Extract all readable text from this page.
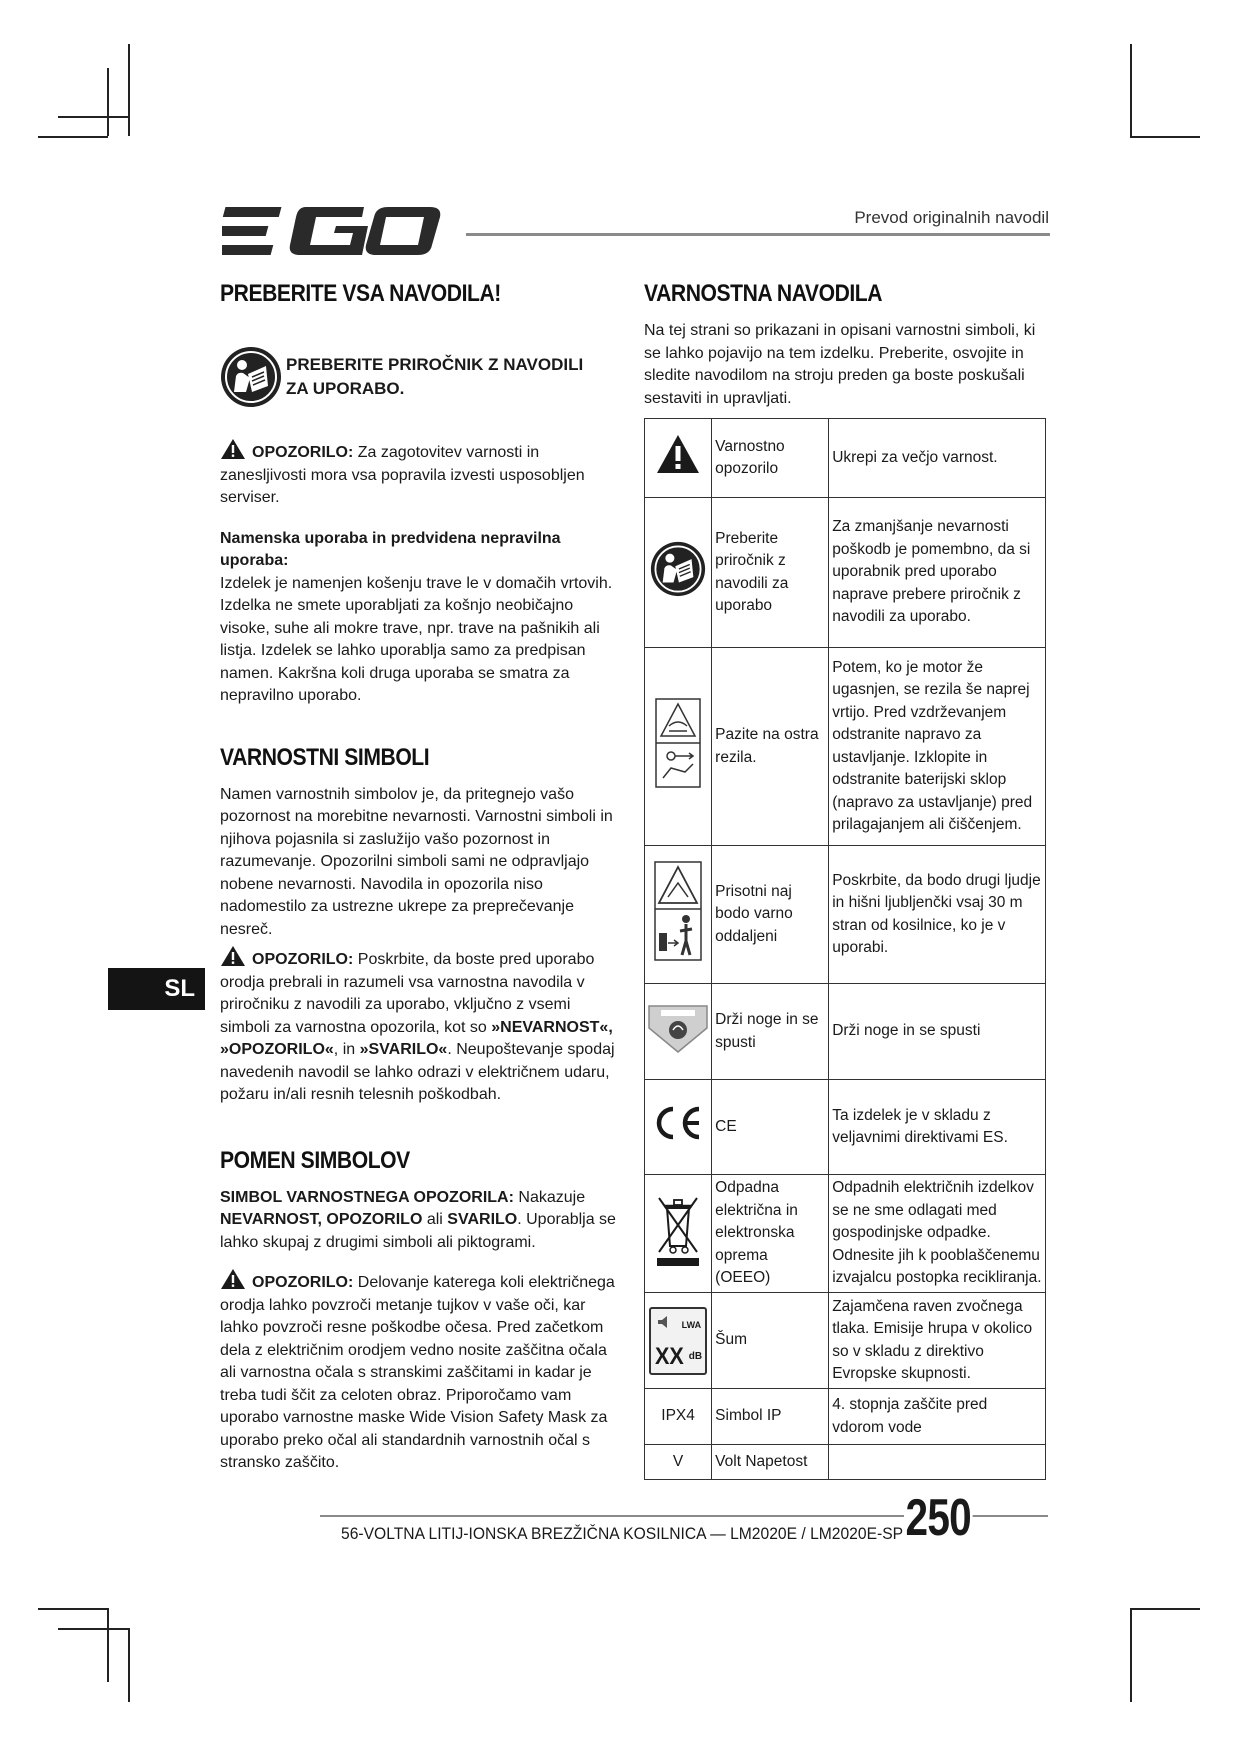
Prevod originalnih navodil
PREBERITE VSA NAVODILA!
PREBERITE PRIROČNIK Z NAVODILI
ZA UPORABO.

OPOZORILO: Za zagotovitev varnosti in zanesljivosti mora vsa popravila izvesti usposobljen serviser.

Namenska uporaba in predvidena nepravilna uporaba:
Izdelek je namenjen košenju trave le v domačih vrtovih. Izdelka ne smete uporabljati za košnjo neobičajno visoke, suhe ali mokre trave, npr. trave na pašnikih ali listja. Izdelek se lahko uporablja samo za predpisan namen. Kakršna koli druga uporaba se smatra za nepravilno uporabo.

VARNOSTNI SIMBOLI

Namen varnostnih simbolov je, da pritegnejo vašo pozornost na morebitne nevarnosti. Varnostni simboli in njihova pojasnila si zaslužijo vašo pozornost in razumevanje. Opozorilni simboli sami ne odpravljajo nobene nevarnosti. Navodila in opozorila niso nadomestilo za ustrezne ukrepe za preprečevanje nesreč.

OPOZORILO: Poskrbite, da boste pred uporabo orodja prebrali in razumeli vsa varnostna navodila v priročniku z navodili za uporabo, vključno z vsemi simboli za varnostna opozorila, kot so »NEVARNOST«, »OPOZORILO«, in »SVARILO«. Neupoštevanje spodaj navedenih navodil se lahko odrazi v električnem udaru, požaru in/ali resnih telesnih poškodbah.

POMEN SIMBOLOV

SIMBOL VARNOSTNEGA OPOZORILA: Nakazuje NEVARNOST, OPOZORILO ali SVARILO. Uporablja se lahko skupaj z drugimi simboli ali piktogrami.

OPOZORILO: Delovanje katerega koli električnega orodja lahko povzroči metanje tujkov v vaše oči, kar lahko povzroči resne poškodbe očesa. Pred začetkom dela z električnim orodjem vedno nosite zaščitna očala ali varnostna očala s stranskimi zaščitami in kadar je treba tudi ščit za celoten obraz. Priporočamo vam uporabo varnostne maske Wide Vision Safety Mask za uporabo preko očal ali standardnih varnostnih očal s stransko zaščito.

SL
VARNOSTNA NAVODILA

Na tej strani so prikazani in opisani varnostni simboli, ki se lahko pojavijo na tem izdelku. Preberite, osvojite in sledite navodilom na stroju preden ga boste poskušali sestaviti in upravljati.

	Varnostno opozorilo	Ukrepi za večjo varnost.
	Preberite priročnik z navodili za uporabo	Za zmanjšanje nevarnosti poškodb je pomembno, da si uporabnik pred uporabo naprave prebere priročnik z navodili za uporabo.
	Pazite na ostra rezila.	Potem, ko je motor že ugasnjen, se rezila še naprej vrtijo. Pred vzdrževanjem odstranite napravo za ustavljanje. Izklopite in odstranite baterijski sklop (napravo za ustavljanje) pred prilagajanjem ali čiščenjem.
	Prisotni naj bodo varno oddaljeni	Poskrbite, da bodo drugi ljudje in hišni ljubljenčki vsaj 30 m stran od kosilnice, ko je v uporabi.
	Drži noge in se spusti	Drži noge in se spusti
	CE	Ta izdelek je v skladu z veljavnimi direktivami ES.
	Odpadna električna in elektronska oprema (OEEO)	Odpadnih električnih izdelkov se ne sme odlagati med gospodinjske odpadke. Odnesite jih k pooblaščenemu izvajalcu postopka recikliranja.

LWA
XX dB	Šum	Zajamčena raven zvočnega tlaka. Emisije hrupa v okolico so v skladu z direktivo Evropske skupnosti.
IPX4	Simbol IP	4. stopnja zaščite pred vdorom vode
V	Volt Napetost	
56-VOLTNA LITIJ-IONSKA BREZŽIČNA KOSILNICA — LM2020E / LM2020E-SP 250
